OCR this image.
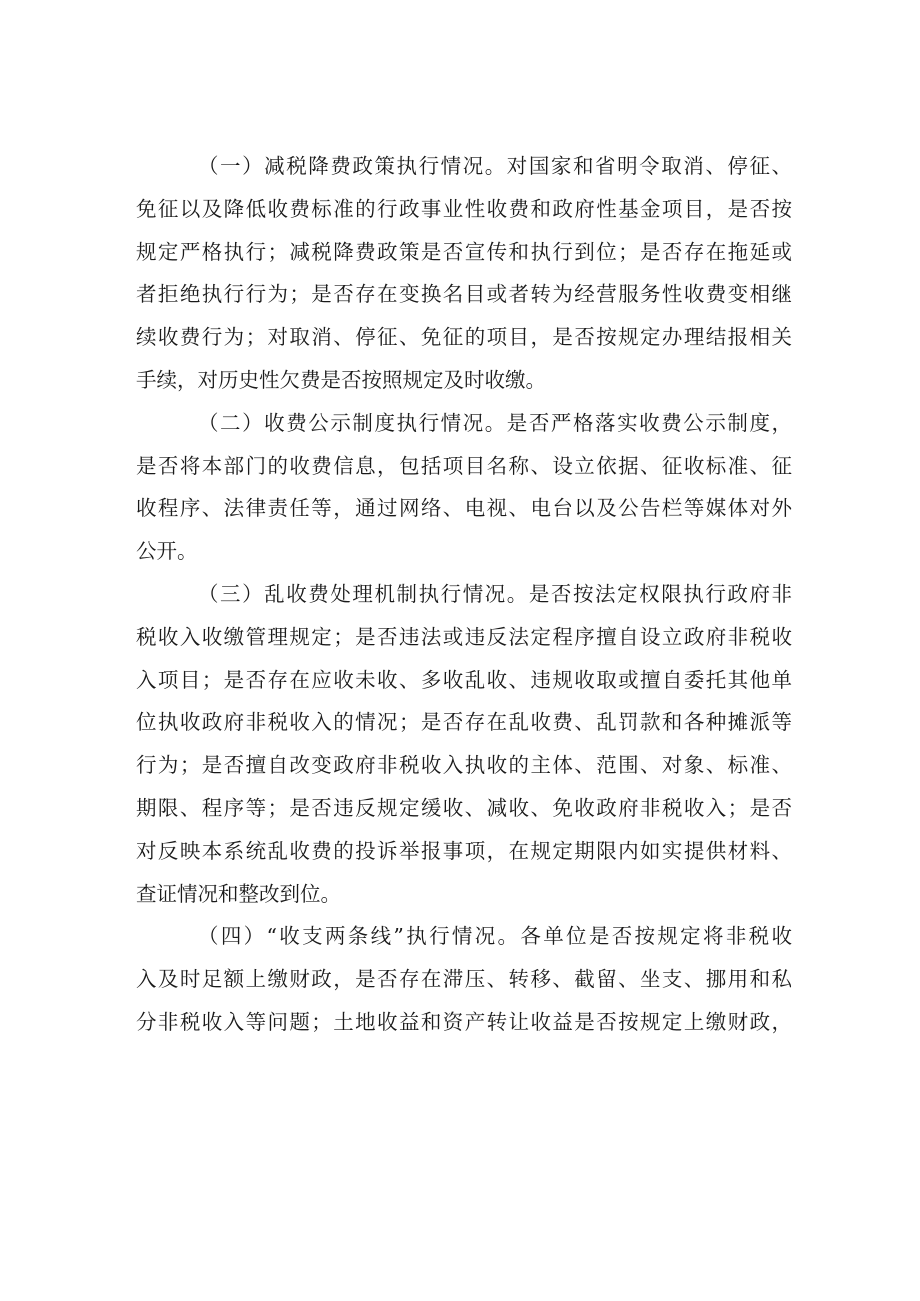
（一）减税降费政策执行情况。对国家和省明令取消、停征、
免征以及降低收费标准的行政事业性收费和政府性基金项目，是否按
规定严格执行；减税降费政策是否宣传和执行到位；是否存在拖延或
者拒绝执行行为；是否存在变换名目或者转为经营服务性收费变相继
续收费行为；对取消、停征、免征的项目，是否按规定办理结报相关
手续，对历史性欠费是否按照规定及时收缴。
（二）收费公示制度执行情况。是否严格落实收费公示制度，
是否将本部门的收费信息，包括项目名称、设立依据、征收标准、征
收程序、法律责任等，通过网络、电视、电台以及公告栏等媒体对外
公开。
（三）乱收费处理机制执行情况。是否按法定权限执行政府非
税收入收缴管理规定；是否违法或违反法定程序擅自设立政府非税收
入项目；是否存在应收未收、多收乱收、违规收取或擅自委托其他单
位执收政府非税收入的情况；是否存在乱收费、乱罚款和各种摊派等
行为；是否擅自改变政府非税收入执收的主体、范围、对象、标准、
期限、程序等；是否违反规定缓收、减收、免收政府非税收入；是否
对反映本系统乱收费的投诉举报事项，在规定期限内如实提供材料、
查证情况和整改到位。
（四）“收支两条线”执行情况。各单位是否按规定将非税收
入及时足额上缴财政，是否存在滞压、转移、截留、坐支、挪用和私
分非税收入等问题；土地收益和资产转让收益是否按规定上缴财政，
